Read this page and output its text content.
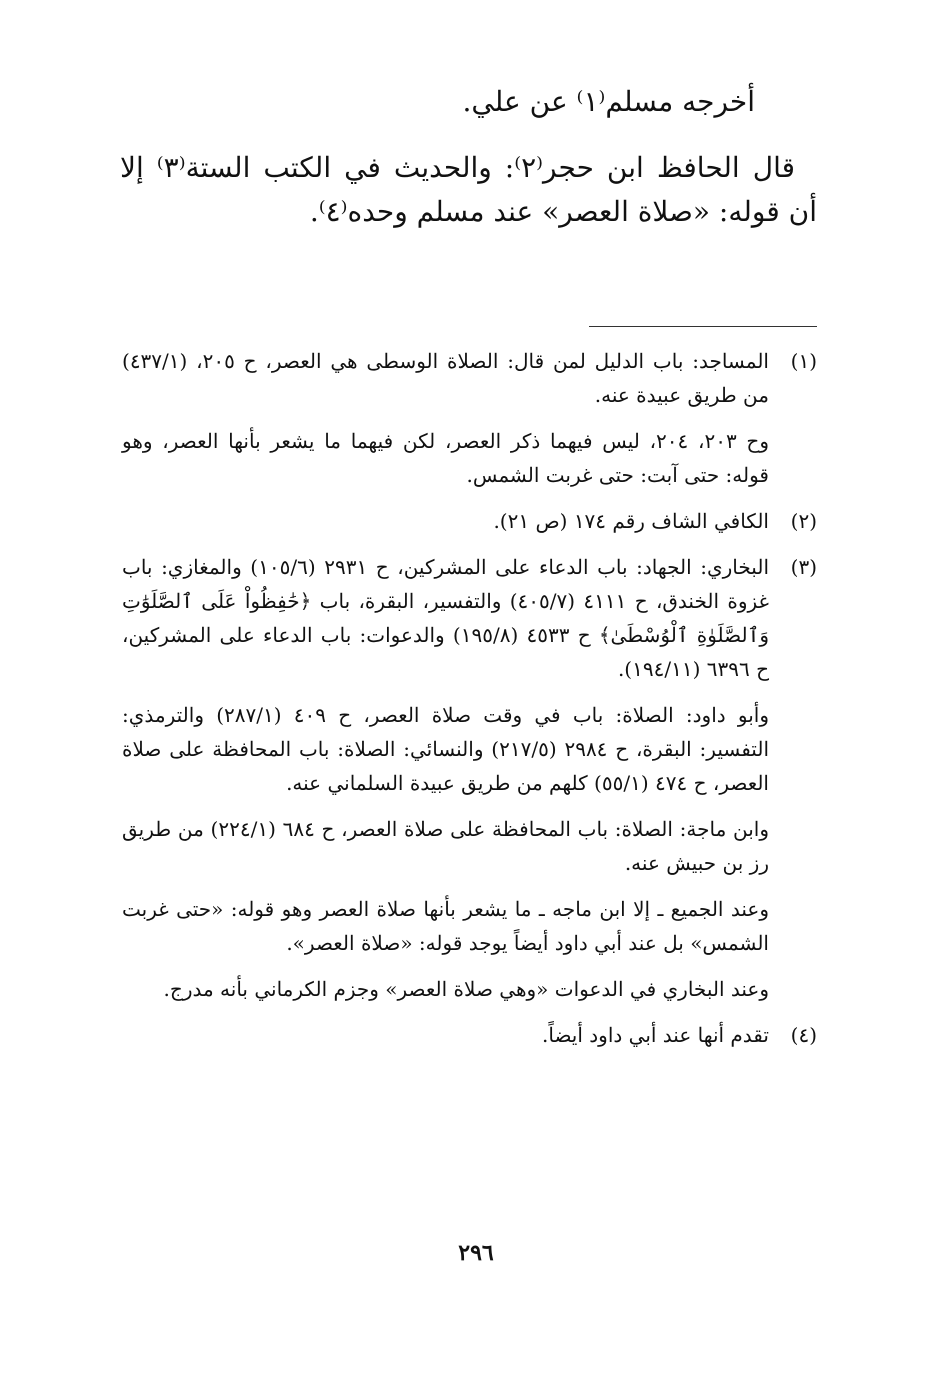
أخرجه مسلم⁽١⁾ عن علي.

قال الحافظ ابن حجر⁽٢⁾: والحديث في الكتب الستة⁽٣⁾ إلا أن قوله: «صلاة العصر» عند مسلم وحده⁽٤⁾.

(١)
المساجد: باب الدليل لمن قال: الصلاة الوسطى هي العصر، ح ٢٠٥، (٤٣٧/١) من طريق عبيدة عنه.
وح ٢٠٣، ٢٠٤، ليس فيهما ذكر العصر، لكن فيهما ما يشعر بأنها العصر، وهو قوله: حتى آبت: حتى غربت الشمس.
(٢)
الكافي الشاف رقم ١٧٤ (ص ٢١).
(٣)
البخاري: الجهاد: باب الدعاء على المشركين، ح ٢٩٣١ (١٠٥/٦) والمغازي: باب غزوة الخندق، ح ٤١١١ (٤٠٥/٧) والتفسير، البقرة، باب ﴿حَٰفِظُواْ عَلَى ٱلصَّلَوَٰتِ وَٱلصَّلَوٰةِ ٱلْوُسْطَىٰ﴾ ح ٤٥٣٣ (١٩٥/٨) والدعوات: باب الدعاء على المشركين، ح ٦٣٩٦ (١٩٤/١١).
وأبو داود: الصلاة: باب في وقت صلاة العصر، ح ٤٠٩ (٢٨٧/١) والترمذي: التفسير: البقرة، ح ٢٩٨٤ (٢١٧/٥) والنسائي: الصلاة: باب المحافظة على صلاة العصر، ح ٤٧٤ (٥٥/١) كلهم من طريق عبيدة السلماني عنه.
وابن ماجة: الصلاة: باب المحافظة على صلاة العصر، ح ٦٨٤ (٢٢٤/١) من طريق رز بن حبيش عنه.
وعند الجميع ـ إلا ابن ماجه ـ ما يشعر بأنها صلاة العصر وهو قوله: «حتى غربت الشمس» بل عند أبي داود أيضاً يوجد قوله: «صلاة العصر».
وعند البخاري في الدعوات «وهي صلاة العصر» وجزم الكرماني بأنه مدرج.
(٤)
تقدم أنها عند أبي داود أيضاً.
٢٩٦
